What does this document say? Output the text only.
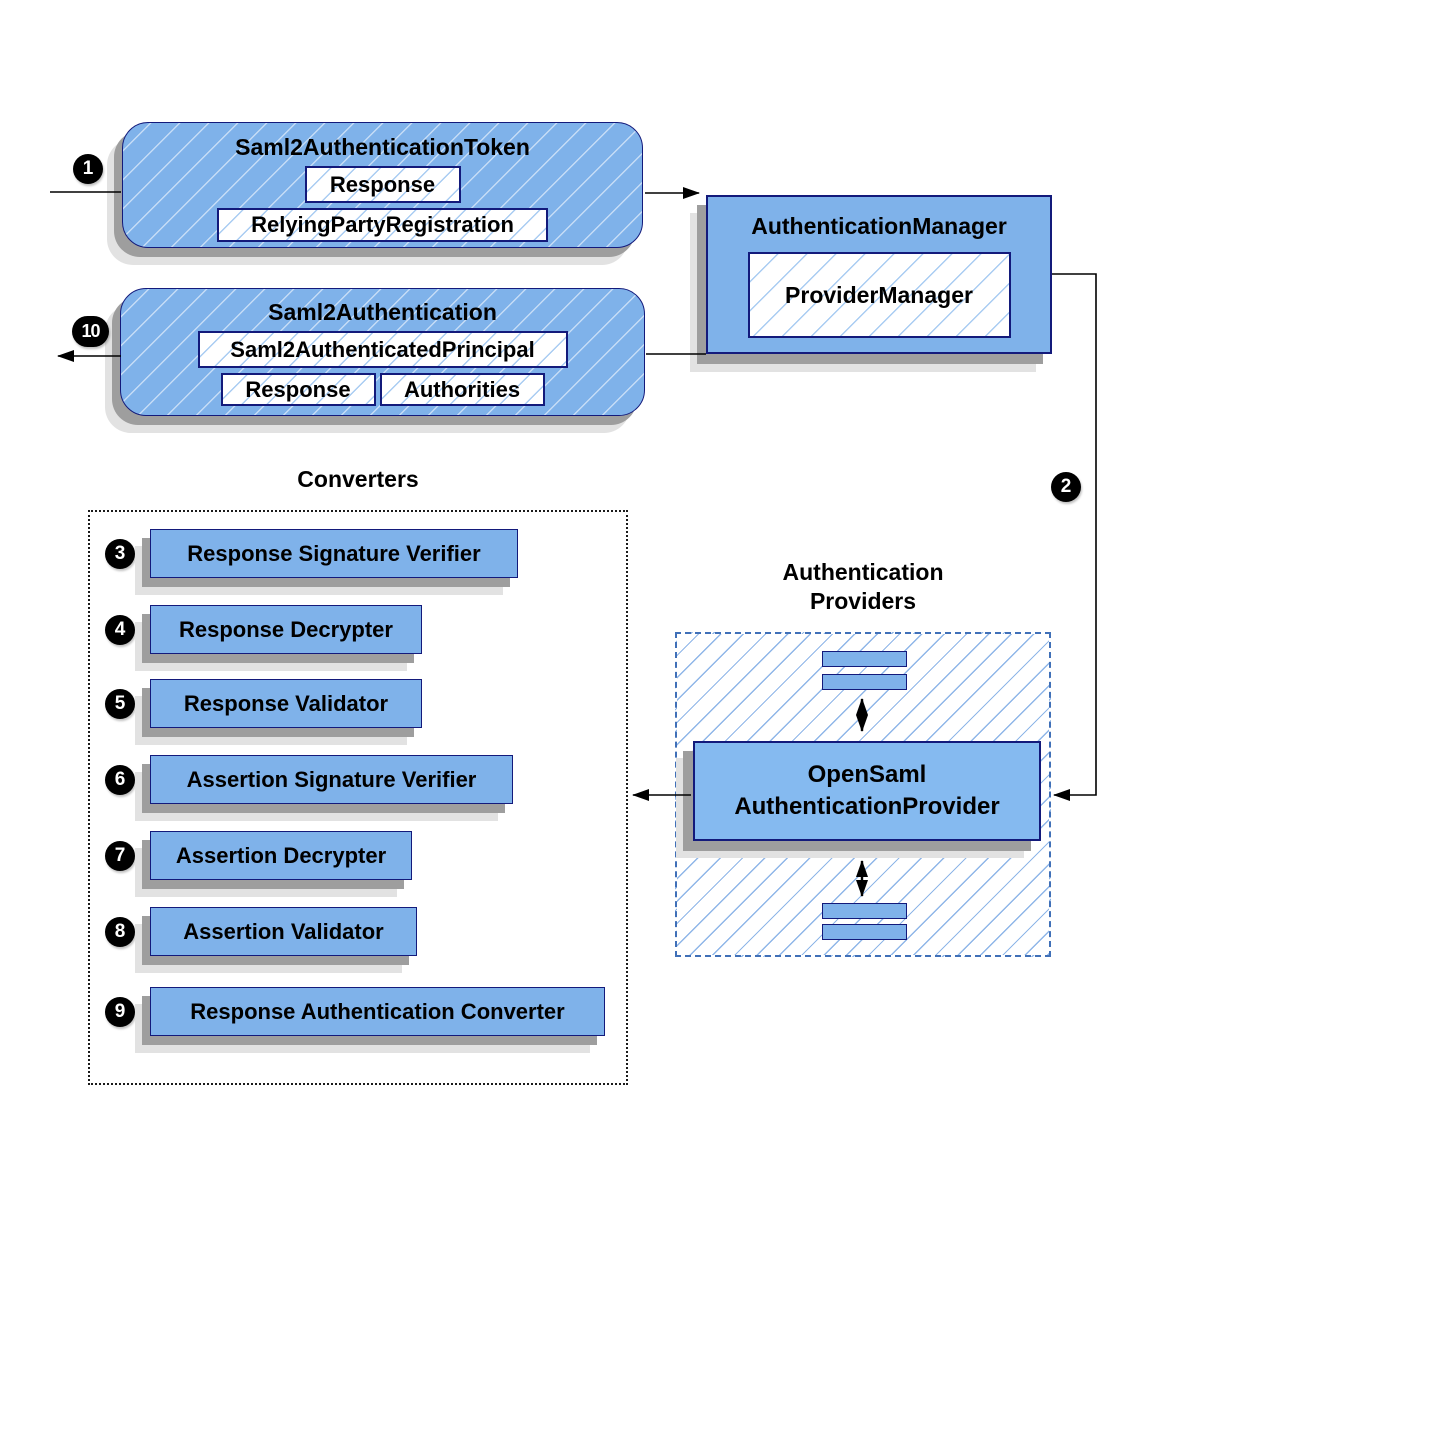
Saml2AuthenticationToken
Response
RelyingPartyRegistration
Saml2Authentication
Saml2AuthenticatedPrincipal
Response	Authorities
AuthenticationManager
ProviderManager
Converters
3	Response Signature Verifier
4	Response Decrypter
5	Response Validator
6	Assertion Signature Verifier
7	Assertion Decrypter
8	Assertion Validator
9	Response Authentication Converter
Authentication
Providers
OpenSaml
AuthenticationProvider
1
2
10
